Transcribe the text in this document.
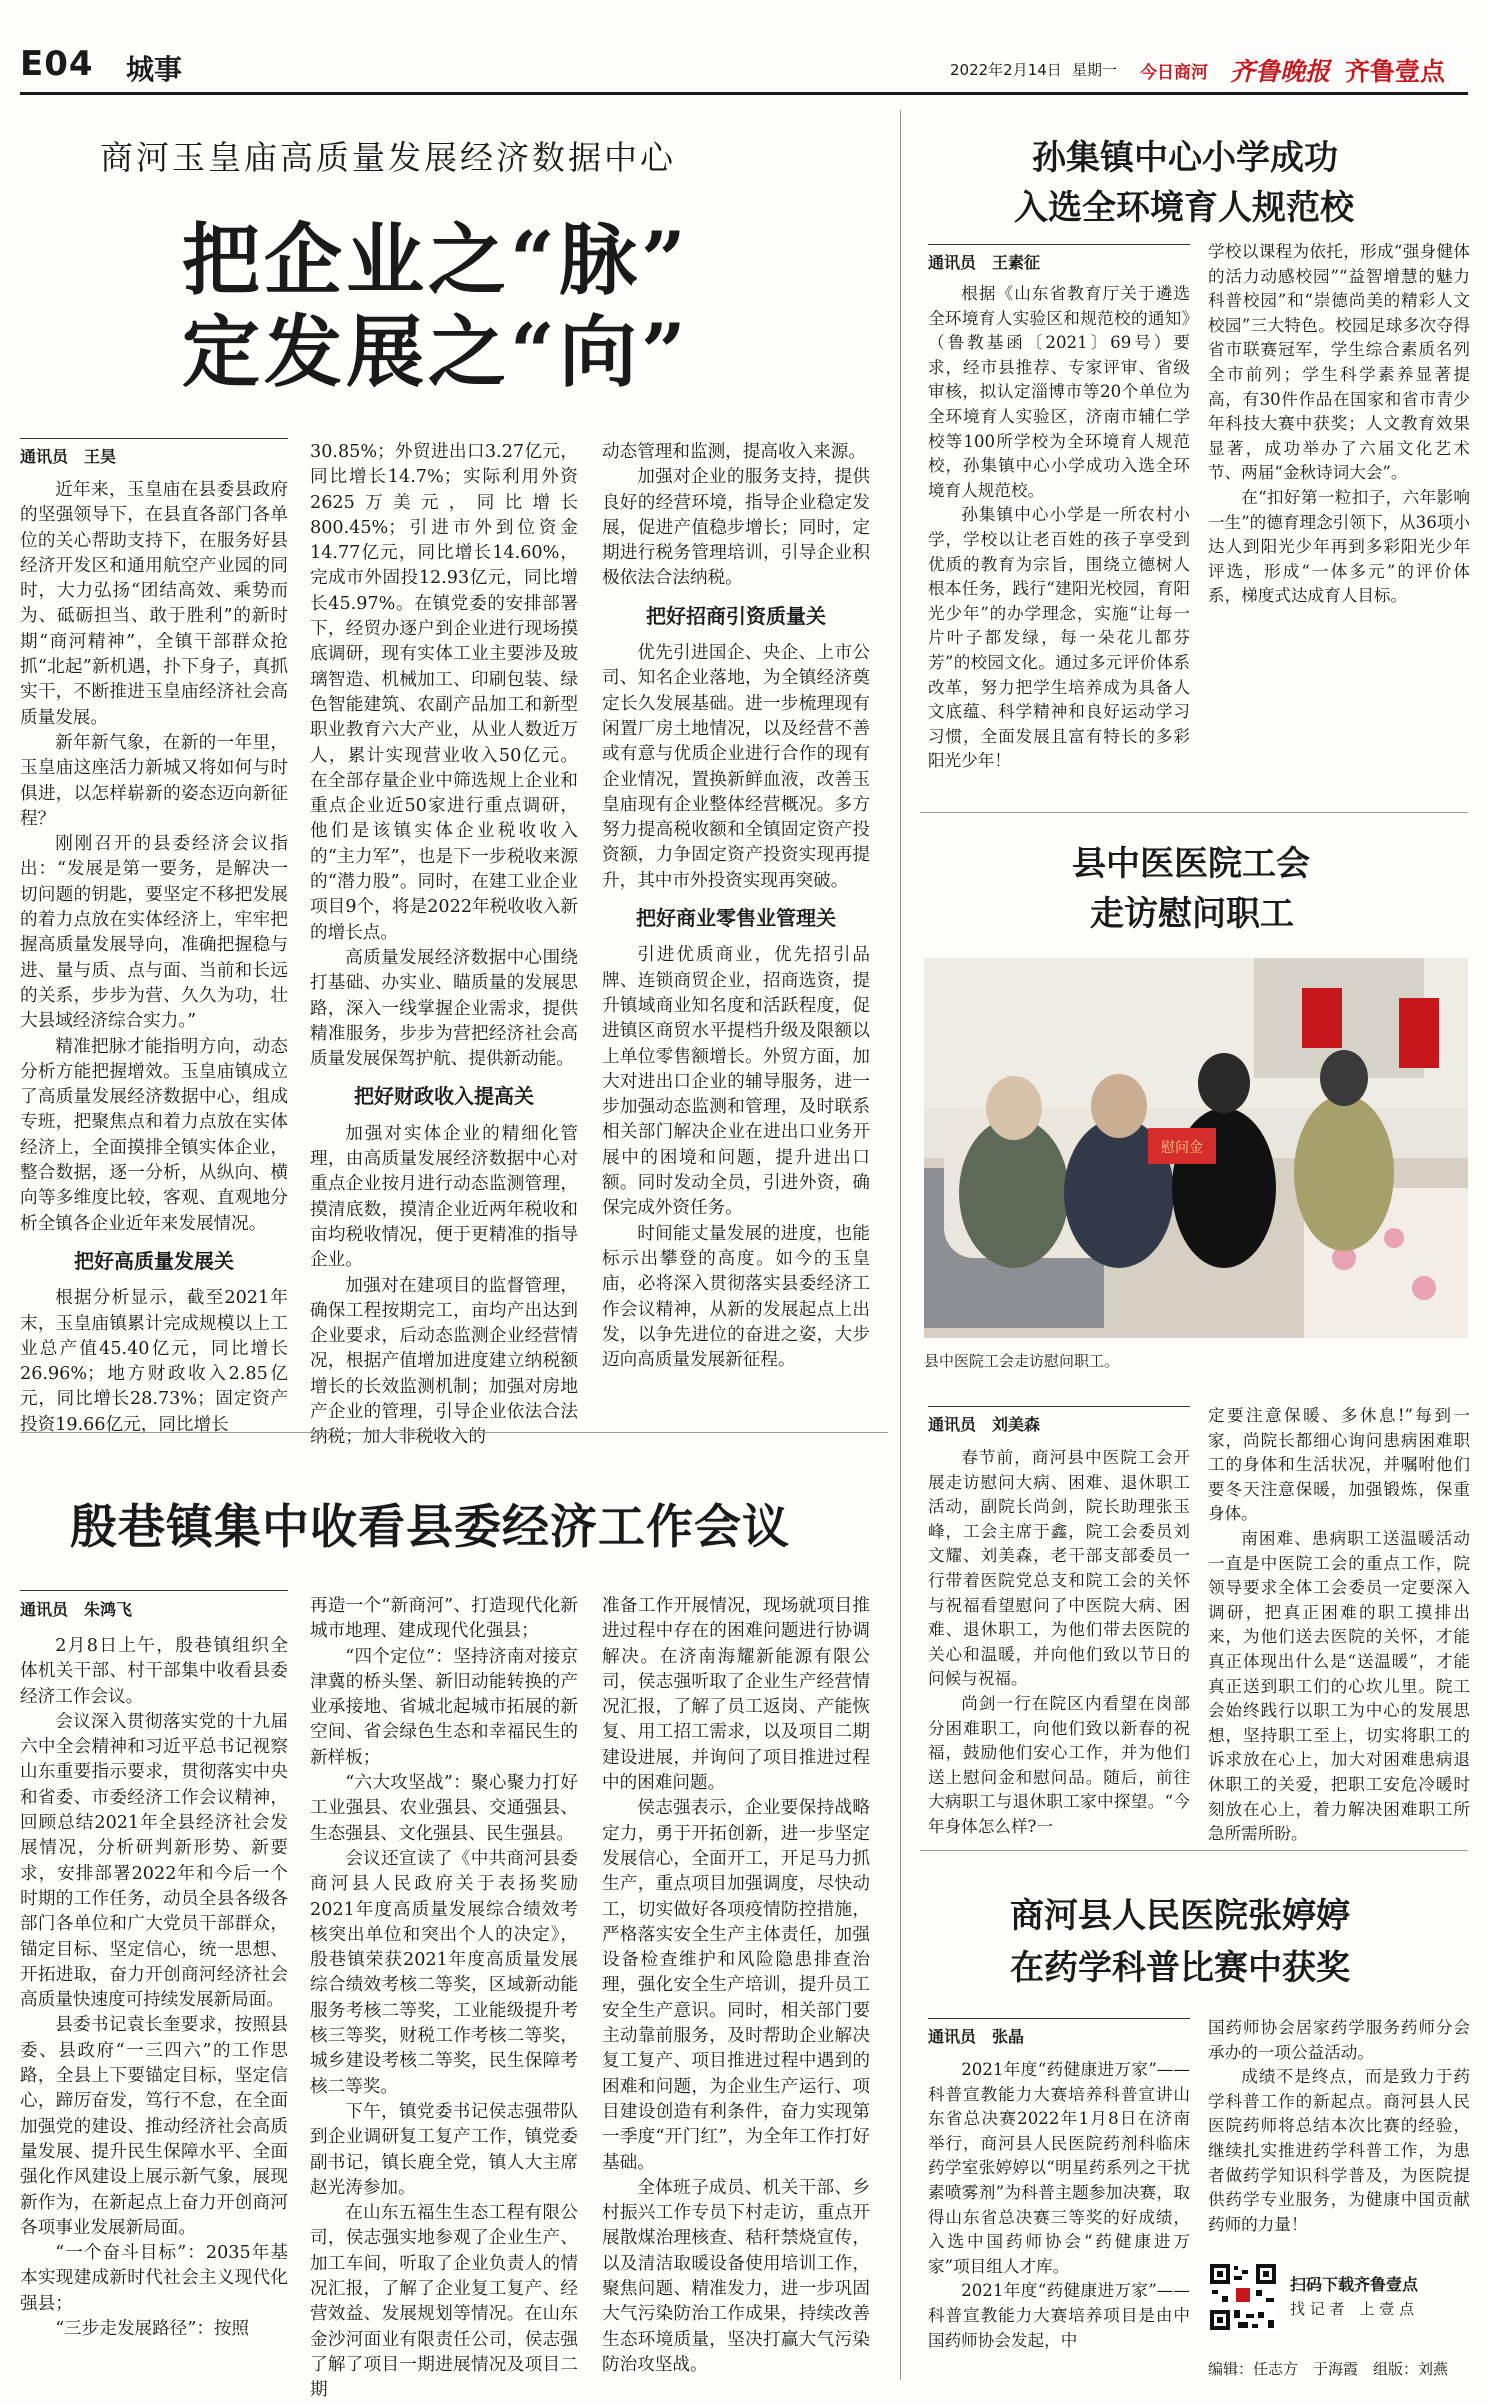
E04 城事	2022年2月14日 星期一 今日商河 齐鲁晚报 齐鲁壹点
商河玉皇庙高质量发展经济数据中心
把企业之“脉”
定发展之“向”
通讯员　王昊

近年来，玉皇庙在县委县政府的坚强领导下，在县直各部门各单位的关心帮助支持下，在服务好县经济开发区和通用航空产业园的同时，大力弘扬“团结高效、乘势而为、砥砺担当、敢于胜利”的新时期“商河精神”，全镇干部群众抢抓“北起”新机遇，扑下身子，真抓实干，不断推进玉皇庙经济社会高质量发展。

新年新气象，在新的一年里，玉皇庙这座活力新城又将如何与时俱进，以怎样崭新的姿态迈向新征程？

刚刚召开的县委经济会议指出：“发展是第一要务，是解决一切问题的钥匙，要坚定不移把发展的着力点放在实体经济上，牢牢把握高质量发展导向，准确把握稳与进、量与质、点与面、当前和长远的关系，步步为营、久久为功，壮大县域经济综合实力。”

精准把脉才能指明方向，动态分析方能把握增效。玉皇庙镇成立了高质量发展经济数据中心，组成专班，把聚焦点和着力点放在实体经济上，全面摸排全镇实体企业，整合数据，逐一分析，从纵向、横向等多维度比较，客观、直观地分析全镇各企业近年来发展情况。

把好高质量发展关

根据分析显示，截至2021年末，玉皇庙镇累计完成规模以上工业总产值45.40亿元，同比增长26.96%；地方财政收入2.85亿元，同比增长28.73%；固定资产投资19.66亿元，同比增长

30.85%；外贸进出口3.27亿元，同比增长14.7%；实际利用外资2625万美元，同比增长800.45%；引进市外到位资金14.77亿元，同比增长14.60%，完成市外固投12.93亿元，同比增长45.97%。在镇党委的安排部署下，经贸办逐户到企业进行现场摸底调研，现有实体工业主要涉及玻璃智造、机械加工、印刷包装、绿色智能建筑、农副产品加工和新型职业教育六大产业，从业人数近万人，累计实现营业收入50亿元。在全部存量企业中筛选规上企业和重点企业近50家进行重点调研，他们是该镇实体企业税收收入的“主力军”，也是下一步税收来源的“潜力股”。同时，在建工业企业项目9个，将是2022年税收收入新的增长点。

高质量发展经济数据中心围绕打基础、办实业、瞄质量的发展思路，深入一线掌握企业需求，提供精准服务，步步为营把经济社会高质量发展保驾护航、提供新动能。

把好财政收入提高关

加强对实体企业的精细化管理，由高质量发展经济数据中心对重点企业按月进行动态监测管理，摸清底数，摸清企业近两年税收和亩均税收情况，便于更精准的指导企业。

加强对在建项目的监督管理，确保工程按期完工，亩均产出达到企业要求，后动态监测企业经营情况，根据产值增加进度建立纳税额增长的长效监测机制；加强对房地产企业的管理，引导企业依法合法纳税；加大非税收入的

动态管理和监测，提高收入来源。

加强对企业的服务支持，提供良好的经营环境，指导企业稳定发展，促进产值稳步增长；同时，定期进行税务管理培训，引导企业积极依法合法纳税。

把好招商引资质量关

优先引进国企、央企、上市公司、知名企业落地，为全镇经济奠定长久发展基础。进一步梳理现有闲置厂房土地情况，以及经营不善或有意与优质企业进行合作的现有企业情况，置换新鲜血液，改善玉皇庙现有企业整体经营概况。多方努力提高税收额和全镇固定资产投资额，力争固定资产投资实现再提升，其中市外投资实现再突破。

把好商业零售业管理关

引进优质商业，优先招引品牌、连锁商贸企业，招商选资，提升镇域商业知名度和活跃程度，促进镇区商贸水平提档升级及限额以上单位零售额增长。外贸方面，加大对进出口企业的辅导服务，进一步加强动态监测和管理，及时联系相关部门解决企业在进出口业务开展中的困境和问题，提升进出口额。同时发动全员，引进外资，确保完成外资任务。

时间能丈量发展的进度，也能标示出攀登的高度。如今的玉皇庙，必将深入贯彻落实县委经济工作会议精神，从新的发展起点上出发，以争先进位的奋进之姿，大步迈向高质量发展新征程。

殷巷镇集中收看县委经济工作会议
通讯员　朱鸿飞

2月8日上午，殷巷镇组织全体机关干部、村干部集中收看县委经济工作会议。

会议深入贯彻落实党的十九届六中全会精神和习近平总书记视察山东重要指示要求，贯彻落实中央和省委、市委经济工作会议精神，回顾总结2021年全县经济社会发展情况，分析研判新形势、新要求，安排部署2022年和今后一个时期的工作任务，动员全县各级各部门各单位和广大党员干部群众，锚定目标、坚定信心，统一思想、开拓进取，奋力开创商河经济社会高质量快速度可持续发展新局面。

县委书记袁长奎要求，按照县委、县政府“一三四六”的工作思路，全县上下要锚定目标，坚定信心，蹄厉奋发，笃行不怠，在全面加强党的建设、推动经济社会高质量发展、提升民生保障水平、全面强化作风建设上展示新气象，展现新作为，在新起点上奋力开创商河各项事业发展新局面。

“一个奋斗目标”：2035年基本实现建成新时代社会主义现代化强县；

“三步走发展路径”：按照

再造一个“新商河”、打造现代化新城市地理、建成现代化强县；

“四个定位”：坚持济南对接京津冀的桥头堡、新旧动能转换的产业承接地、省城北起城市拓展的新空间、省会绿色生态和幸福民生的新样板；

“六大攻坚战”：聚心聚力打好工业强县、农业强县、交通强县、生态强县、文化强县、民生强县。

会议还宣读了《中共商河县委商河县人民政府关于表扬奖励2021年度高质量发展综合绩效考核突出单位和突出个人的决定》，殷巷镇荣获2021年度高质量发展综合绩效考核二等奖，区域新动能服务考核二等奖，工业能级提升考核三等奖，财税工作考核二等奖，城乡建设考核二等奖，民生保障考核二等奖。

下午，镇党委书记侯志强带队到企业调研复工复产工作，镇党委副书记，镇长鹿全党，镇人大主席赵光涛参加。

在山东五福生生态工程有限公司，侯志强实地参观了企业生产、加工车间，听取了企业负责人的情况汇报，了解了企业复工复产、经营效益、发展规划等情况。在山东金沙河面业有限责任公司，侯志强了解了项目一期进展情况及项目二期

准备工作开展情况，现场就项目推进过程中存在的困难问题进行协调解决。在济南海耀新能源有限公司，侯志强听取了企业生产经营情况汇报，了解了员工返岗、产能恢复、用工招工需求，以及项目二期建设进展，并询问了项目推进过程中的困难问题。

侯志强表示，企业要保持战略定力，勇于开拓创新，进一步坚定发展信心，全面开工，开足马力抓生产，重点项目加强调度，尽快动工，切实做好各项疫情防控措施，严格落实安全生产主体责任，加强设备检查维护和风险隐患排查治理，强化安全生产培训，提升员工安全生产意识。同时，相关部门要主动靠前服务，及时帮助企业解决复工复产、项目推进过程中遇到的困难和问题，为企业生产运行、项目建设创造有利条件，奋力实现第一季度“开门红”，为全年工作打好基础。

全体班子成员、机关干部、乡村振兴工作专员下村走访，重点开展散煤治理核查、秸秆禁烧宣传，以及清洁取暖设备使用培训工作，聚焦问题、精准发力，进一步巩固大气污染防治工作成果，持续改善生态环境质量，坚决打赢大气污染防治攻坚战。

孙集镇中心小学成功
入选全环境育人规范校
通讯员　王素征

根据《山东省教育厅关于遴选全环境育人实验区和规范校的通知》（鲁教基函〔2021〕69号）要求，经市县推荐、专家评审、省级审核，拟认定淄博市等20个单位为全环境育人实验区，济南市辅仁学校等100所学校为全环境育人规范校，孙集镇中心小学成功入选全环境育人规范校。

孙集镇中心小学是一所农村小学，学校以让老百姓的孩子享受到优质的教育为宗旨，围绕立德树人根本任务，践行“建阳光校园，育阳光少年”的办学理念，实施“让每一片叶子都发绿，每一朵花儿都芬芳”的校园文化。通过多元评价体系改革，努力把学生培养成为具备人文底蕴、科学精神和良好运动学习习惯，全面发展且富有特长的多彩阳光少年！

学校以课程为依托，形成“强身健体的活力动感校园”“益智增慧的魅力科普校园”和“崇德尚美的精彩人文校园”三大特色。校园足球多次夺得省市联赛冠军，学生综合素质名列全市前列；学生科学素养显著提高，有30件作品在国家和省市青少年科技大赛中获奖；人文教育效果显著，成功举办了六届文化艺术节、两届“金秋诗词大会”。

在“扣好第一粒扣子，六年影响一生”的德育理念引领下，从36项小达人到阳光少年再到多彩阳光少年评选，形成“一体多元”的评价体系，梯度式达成育人目标。

县中医医院工会
走访慰问职工
慰问金
县中医院工会走访慰问职工。
通讯员　刘美森

春节前，商河县中医院工会开展走访慰问大病、困难、退休职工活动，副院长尚剑，院长助理张玉峰，工会主席于鑫，院工会委员刘文耀、刘美森，老干部支部委员一行带着医院党总支和院工会的关怀与祝福看望慰问了中医院大病、困难、退休职工，为他们带去医院的关心和温暖，并向他们致以节日的问候与祝福。

尚剑一行在院区内看望在岗部分困难职工，向他们致以新春的祝福，鼓励他们安心工作，并为他们送上慰问金和慰问品。随后，前往大病职工与退休职工家中探望。“今年身体怎么样?一

定要注意保暖、多休息!”每到一家，尚院长都细心询问患病困难职工的身体和生活状况，并嘱咐他们要冬天注意保暖，加强锻炼，保重身体。

南困难、患病职工送温暖活动一直是中医院工会的重点工作，院领导要求全体工会委员一定要深入调研，把真正困难的职工摸排出来，为他们送去医院的关怀，才能真正体现出什么是“送温暖”，才能真正送到职工们的心坎儿里。院工会始终践行以职工为中心的发展思想，坚持职工至上，切实将职工的诉求放在心上，加大对困难患病退休职工的关爱，把职工安危冷暖时刻放在心上，着力解决困难职工所急所需所盼。

商河县人民医院张婷婷
在药学科普比赛中获奖
通讯员　张晶

2021年度“药健康进万家”——科普宣教能力大赛培养科普宣讲山东省总决赛2022年1月8日在济南举行，商河县人民医院药剂科临床药学室张婷婷以“明星药系列之干扰素喷雾剂”为科普主题参加决赛，取得山东省总决赛三等奖的好成绩，入选中国药师协会“药健康进万家”项目组人才库。

2021年度“药健康进万家”——科普宣教能力大赛培养项目是由中国药师协会发起，中

国药师协会居家药学服务药师分会承办的一项公益活动。

成绩不是终点，而是致力于药学科普工作的新起点。商河县人民医院药师将总结本次比赛的经验，继续扎实推进药学科普工作，为患者做药学知识科学普及，为医院提供药学专业服务，为健康中国贡献药师的力量！

扫码下载齐鲁壹点
找 记 者　上 壹 点
编辑：任志方　于海霞　组版：刘燕
